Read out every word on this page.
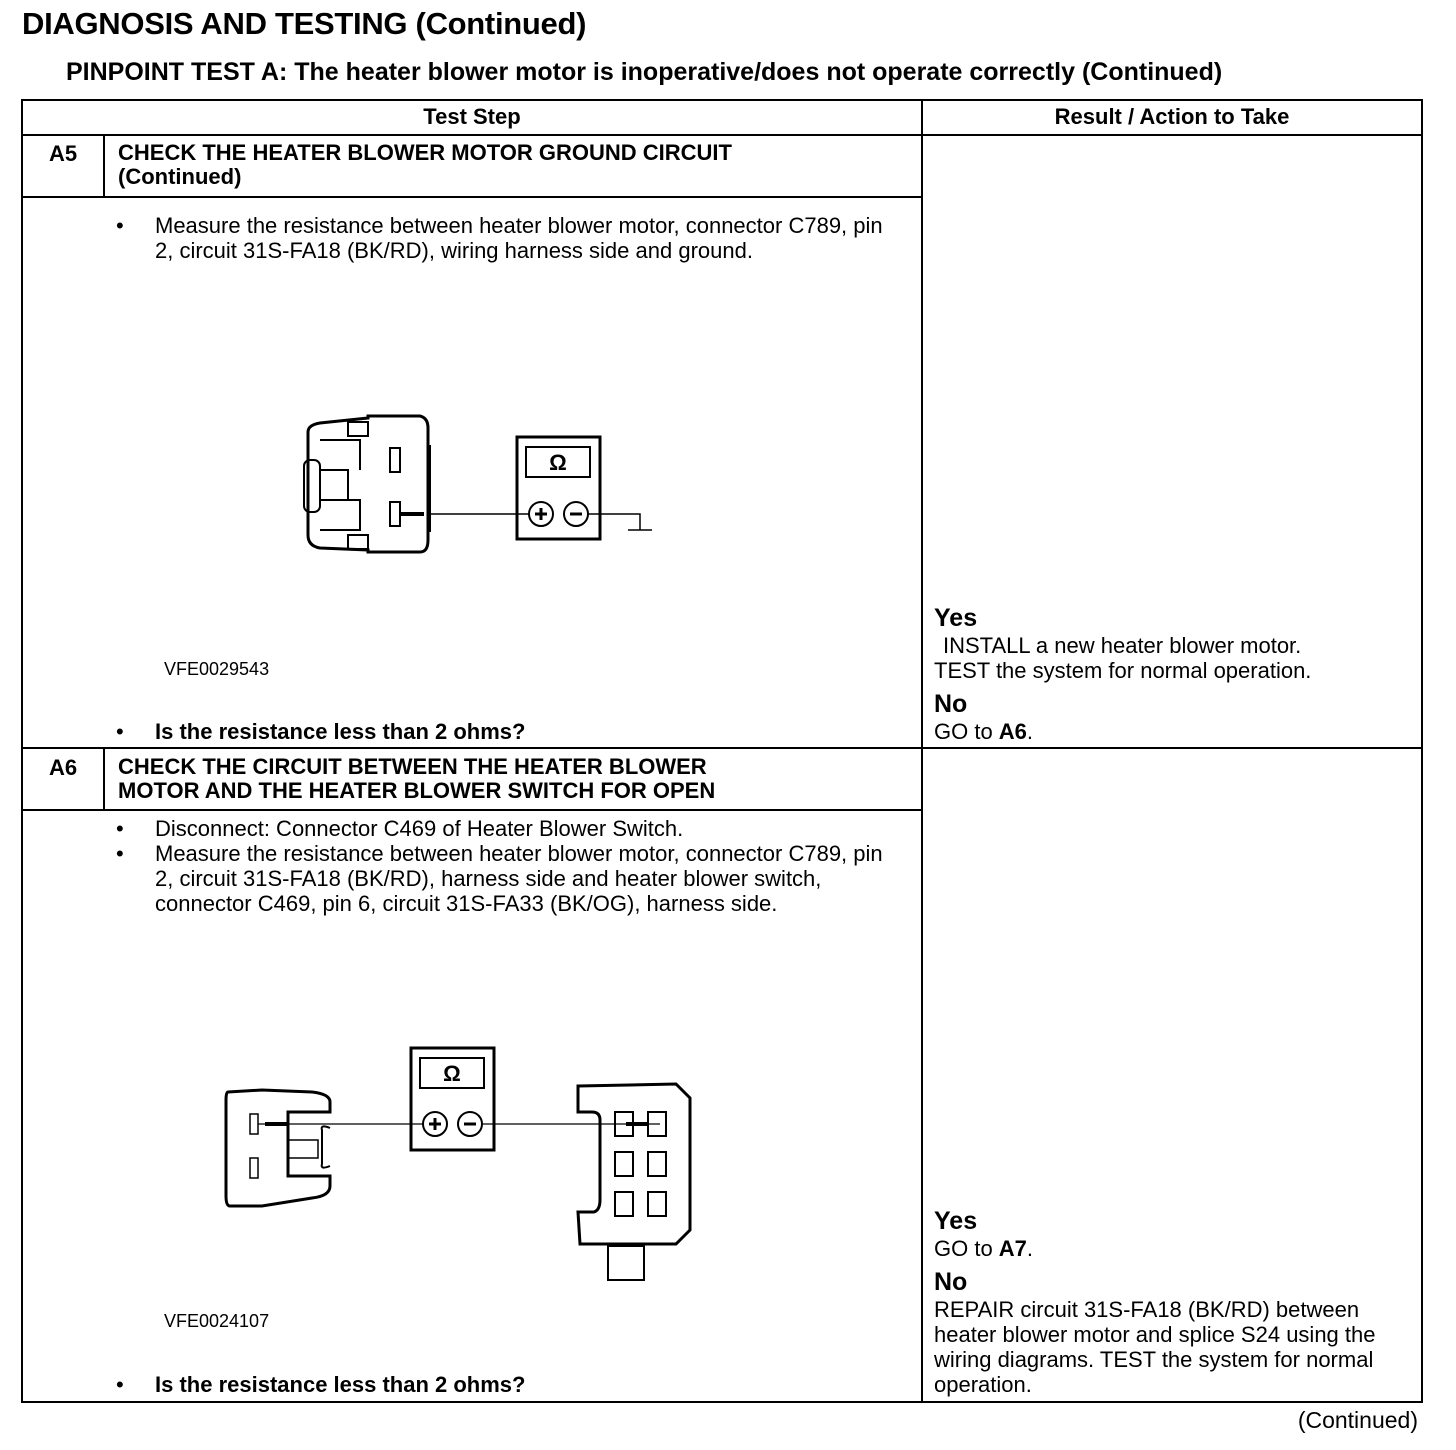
DIAGNOSIS AND TESTING (Continued)
PINPOINT TEST A: The heater blower motor is inoperative/does not operate correctly (Continued)
Test Step	Result / Action to Take
A5	CHECK THE HEATER BLOWER MOTOR GROUND CIRCUIT
(Continued)
• Measure the resistance between heater blower motor, connector C789, pin 2, circuit 31S-FA18 (BK/RD), wiring harness side and ground.
VFE0029543
• Is the resistance less than 2 ohms?
Yes
INSTALL a new heater blower motor.
TEST the system for normal operation.
No
GO to A6.
A6	CHECK THE CIRCUIT BETWEEN THE HEATER BLOWER
MOTOR AND THE HEATER BLOWER SWITCH FOR OPEN
• Disconnect: Connector C469 of Heater Blower Switch.
• Measure the resistance between heater blower motor, connector C789, pin 2, circuit 31S-FA18 (BK/RD), harness side and heater blower switch, connector C469, pin 6, circuit 31S-FA33 (BK/OG), harness side.
VFE0024107
• Is the resistance less than 2 ohms?
Yes
GO to A7.
No
REPAIR circuit 31S-FA18 (BK/RD) between heater blower motor and splice S24 using the wiring diagrams. TEST the system for normal operation.
(Continued)
Ω
Ω
